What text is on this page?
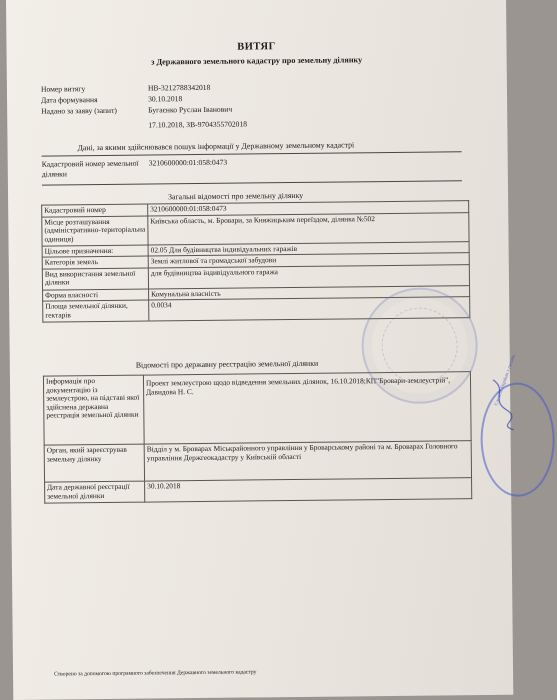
ВИТЯГ
з Державного земельного кадастру про земельну ділянку
Номер витягу	НВ-3212788342018
Дата формування	30.10.2018
Надано за заяву (запит)	Бугаєнко Руслан Іванович
17.10.2018, ЗВ-9704355702018
Дані, за якими здійснювався пошук інформації у Державному земельному кадастрі
Кадастровий номер земельної ділянки
3210600000:01:058:0473
Загальні відомості про земельну ділянку
Кадастровий номер	3210600000:01:058:0473
Місце розташування (адміністративно-територіальна одиниця)	Київська область, м. Бровари, за Княжицьким переїздом, ділянка №502
Цільове призначення:	02.05 Для будівництва індивідуальних гаражів
Категорія земель	Землі житлової та громадської забудови
Вид використання земельної ділянки	для будівництва індивідуального гаража
Форма власності	Комунальна власність
Площа земельної ділянки, гектарів	0.0034
Відомості про державну реєстрацію земельної ділянки
Інформація про документацію із землеустрою, на підставі якої здійснена державна реєстрація земельної ділянки	Проект землеустрою щодо відведення земельних ділянок, 16.10.2018;КП"Бровари-землеустрій", Давидова Н. С.
Орган, який зареєстрував земельну ділянку	Відділ у м. Броварах Міськрайонного управління у Броварському районі та м. Броварах Головного управління Держгеокадастру у Київській області
Дата державної реєстрації земельної ділянки	30.10.2018
Служба України з питань
Створено за допомогою програмного забезпечення Державного земельного кадастру
